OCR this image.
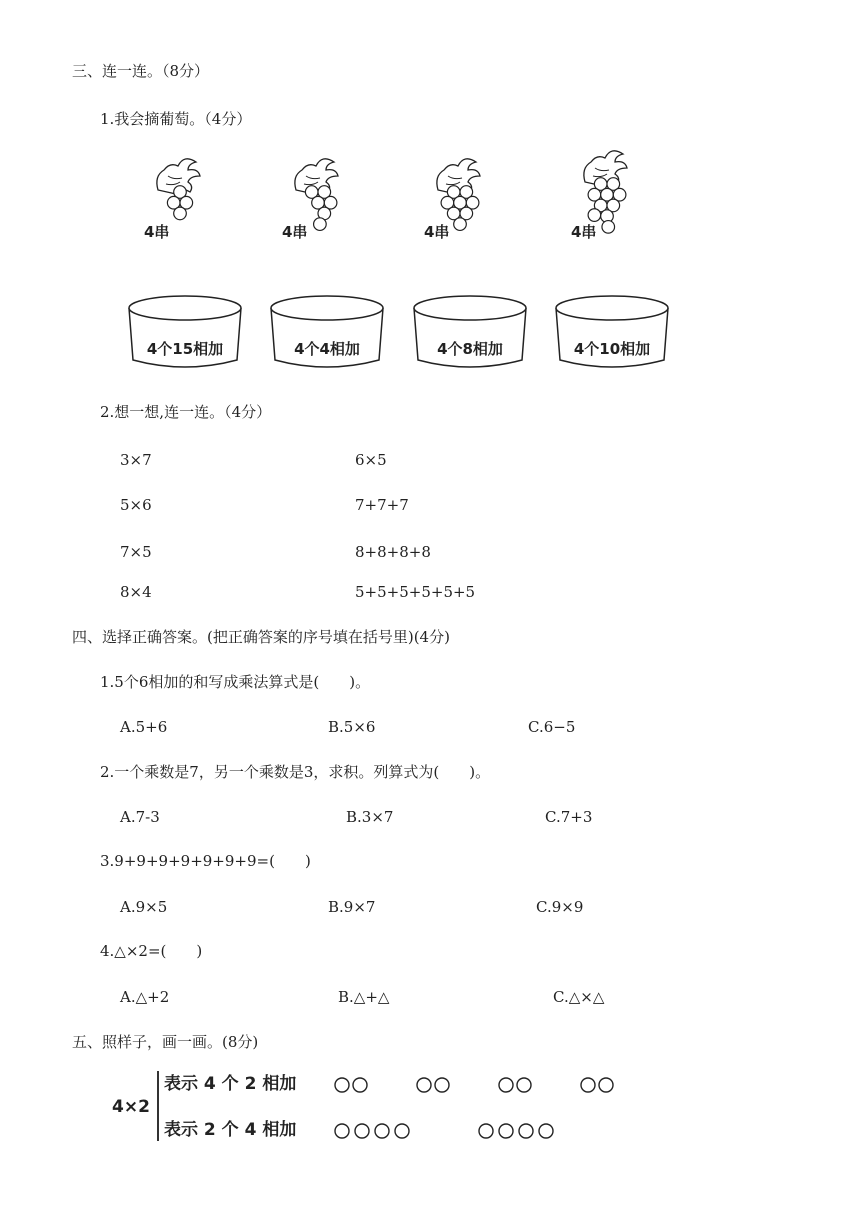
三、连一连。（8分）
1.我会摘葡萄。（4分）
4串	4串	4串	4串
4个15相加	4个4相加	4个8相加	4个10相加
2.想一想,连一连。（4分）
3×7
5×6
7×5
8×4
6×5
7+7+7
8+8+8+8
5+5+5+5+5+5
四、选择正确答案。(把正确答案的序号填在括号里)(4分)
1.5个6相加的和写成乘法算式是(　　)。
A.5+6	B.5×6	C.6−5
2.一个乘数是7，另一个乘数是3，求积。列算式为(　　)。
A.7-3	B.3×7	C.7+3
3.9+9+9+9+9+9+9=(　　)
A.9×5	B.9×7	C.9×9
4.△×2=(　　)
A.△+2	B.△+△	C.△×△
五、照样子，画一画。(8分)
4×2
表示 4 个 2 相加
表示 2 个 4 相加
